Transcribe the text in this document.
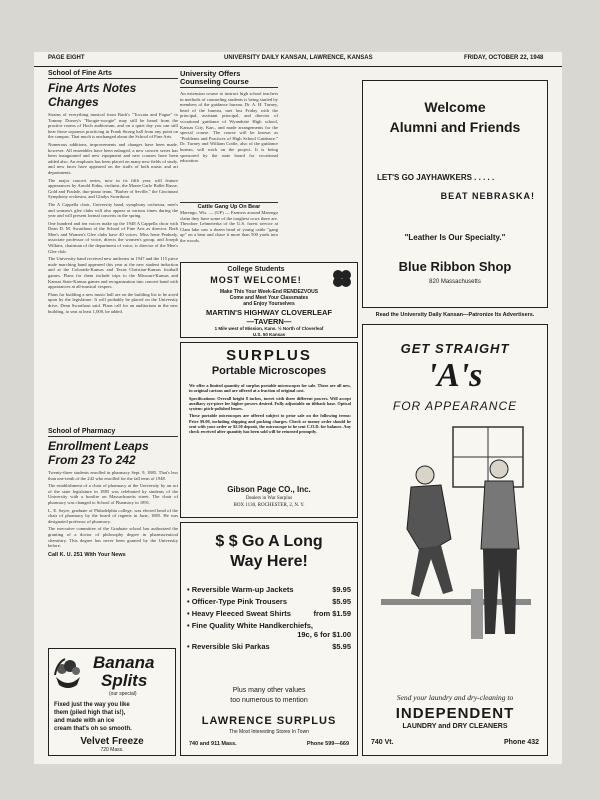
PAGE EIGHT	UNIVERSITY DAILY KANSAN, LAWRENCE, KANSAS	FRIDAY, OCTOBER 22, 1948
School of Fine Arts
Fine Arts Notes Changes

Strains of everything musical from Bach's "Toccata and Fugue" to Tommy Dorsey's "Boogie-woogie" may still be heard from the practice rooms of Hoch auditorium, and on a quiet day you can still hear those sopranos practicing in Frank Strong hall from any point on the campus. That much is unchanged about the School of Fine Arts.

Numerous additions, improvements and changes have been made, however. All ensembles have been enlarged, a new concert series has been inaugurated and new equipment and new courses have been added also. An emphasis has been placed on many new fields of study, and new faces have appeared on the staffs of both music and art departments.

The major concert series, now in its fifth year, will feature appearances by Arnold Eidus, violinist, the Monte Carlo Ballet Russe, Gold and Fizdale, duo-piano team, "Barber of Seville," the Cincinnati Symphony orchestra, and Gladys Swarthout.

The A Cappella choir, University band, symphony orchestra, men's and women's glee clubs will also appear at various times during the year and will present formal concerts in the spring.

One hundred and ten voices make up the 1948 A Cappella choir with Dean D. M. Swarthout of the School of Fine Arts as director. Both Men's and Women's Glee clubs have 40 voices. Miss Irene Peabody, associate professor of voice, directs the women's group, and Joseph Wilkins, chairman of the department of voice, is director of the Men's Glee club.

The University band received new uniforms in 1947 and the 115 piece male marching band appeared this year at the new student induction and at the Colorado-Kansas and Texas Christian-Kansas football games. Plans for them include trips to the Missouri-Kansas and Kansas State-Kansas games and reorganization into concert band with appearances at all-musical vespers.

Plans for building a new music hall are on the building list to be acted upon by the legislature. It will probably be placed on the University drive, Dean Swarthout said. Plans call for an auditorium in the new building, to seat at least 1,000, he added.

School of Pharmacy
Enrollment Leaps
From 23 To 242

Twenty-three students enrolled in pharmacy Sept. 9, 1885. That's less than one-tenth of the 242 who enrolled for the fall term of 1948.

The establishment of a chair of pharmacy at the University by an act of the state legislature in 1885 was celebrated by students of the University with a bonfire on Massachusetts street. The chair of pharmacy was changed to School of Pharmacy in 1891.

L. E. Sayre, graduate of Philadelphia college, was elected head of the chair of pharmacy by the board of regents in June, 1885. He was designated professor of pharmacy.

The executive committee of the Graduate school has authorized the granting of a doctor of philosophy degree in pharmaceutical chemistry. This degree has never been granted by the University before.

Call K. U. 251 With Your News
Banana
Splits
(our special)
Fixed just the way you like
them (piled high that is!),
and made with an ice
cream that's oh so smooth.
Velvet Freeze
720 Mass.
University Offers Counseling Course
An extension course to instruct high school teachers in methods of counseling students is being started by members of the guidance bureau. Dr. A. H. Turney, head of the bureau, met last Friday with the principal, assistant principal, and director of vocational guidance of Wyandotte High school, Kansas City, Kan., and made arrangements for the special course. The course will be known as "Problems and Practices of High School Guidance." Dr. Turney and William Cottle, also of the guidance bureau, will work on the project. It is being sponsored by the state board for vocational education.
Cattle Gang Up On Bear
Marengo, Wis. — (UP) — Farmers around Marengo claim they have some of the toughest cows there are. Theodore Lehmeierka of the U.S. forest service at Clam lake saw a dozen head of young cattle "gang up" on a bear and chase it more than 500 yards into the woods.
College Students
MOST WELCOME!
Make This Your Week-End RENDEZVOUS
Come and Meet Your Classmates
and Enjoy Yourselves
MARTIN'S HIGHWAY CLOVERLEAF
—TAVERN—
1 Mile west of Mission, Kans. ½ North of Cloverleaf
U.S. 50 Kansas
SURPLUS
Portable Microscopes

We offer a limited quantity of surplus portable microscopes for sale. These are all new, in original cartons and are offered at a fraction of original cost.

Specifications: Overall height 8 inches, turret with three different powers. Will accept auxiliary eye-piece for higher powers desired. Fully adjustable on tiltback base. Optical system: pitch-polished lenses.

These portable microscopes are offered subject to prior sale on the following terms: Price $9.00, including shipping and packing charges. Check or money order should be sent with your order or $2.50 deposit, the microscope to be sent C.O.D. for balance. Any check received after quantity has been sold will be returned promptly.

Gibson Page CO., Inc.
Dealers in War Surplus
BOX 1130, ROCHESTER, 2, N. Y.
$ $ Go A Long
Way Here!
• Reversible Warm-up Jackets	$9.95
• Officer-Type Pink Trousers	$5.95
• Heavy Fleeced Sweat Shirts	from $1.59
• Fine Quality White Handkerchiefs,
19c, 6 for $1.00
• Reversible Ski Parkas	$5.95
Plus many other values
too numerous to mention
LAWRENCE SURPLUS
The Most Interesting Stores In Town
740 and 911 Mass.	Phone 599—669
Welcome
Alumni and Friends
LET'S GO JAYHAWKERS . . . . .
BEAT NEBRASKA!
"Leather Is Our Specialty."
Blue Ribbon Shop
820 Massachusetts
Read the University Daily Kansan—Patronize Its Advertisers.
GET STRAIGHT
'A's
FOR APPEARANCE
Send your laundry and dry-cleaning to
INDEPENDENT
LAUNDRY and DRY CLEANERS
740 Vt.	Phone 432
